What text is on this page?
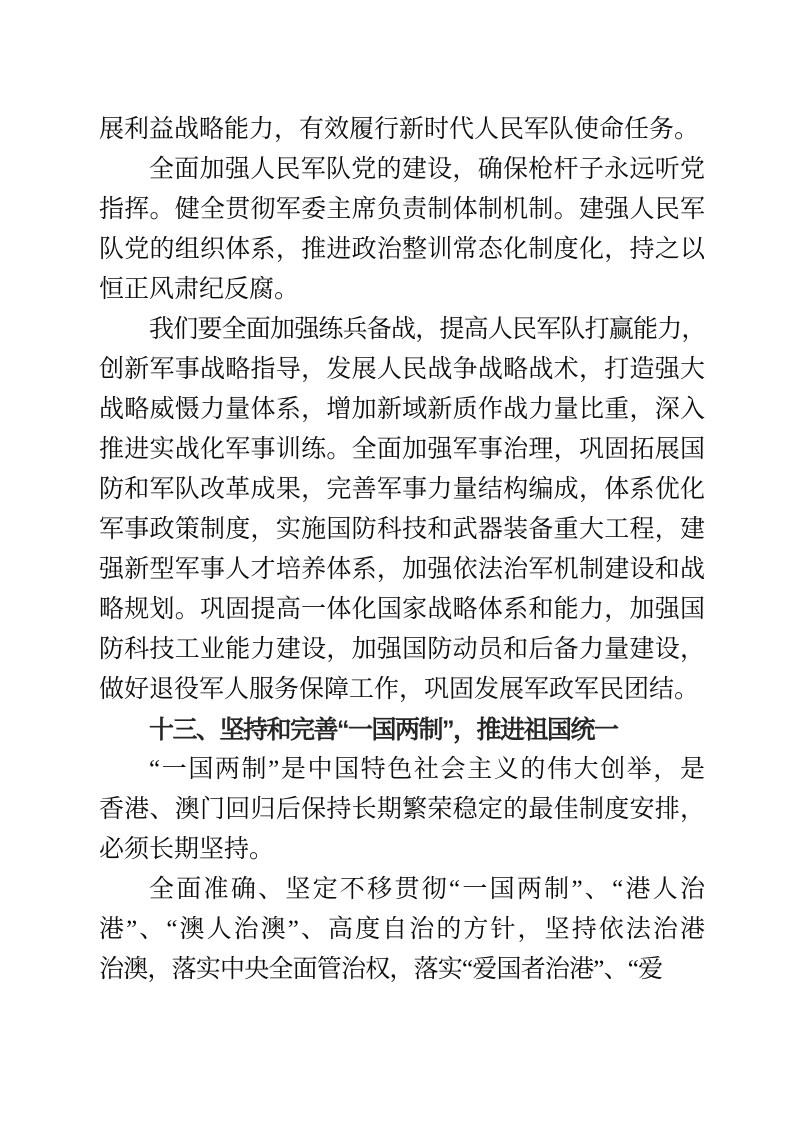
展利益战略能力，有效履行新时代人民军队使命任务。
全面加强人民军队党的建设，确保枪杆子永远听党
指挥。健全贯彻军委主席负责制体制机制。建强人民军
队党的组织体系，推进政治整训常态化制度化，持之以
恒正风肃纪反腐。
我们要全面加强练兵备战，提高人民军队打赢能力，
创新军事战略指导，发展人民战争战略战术，打造强大
战略威慑力量体系，增加新域新质作战力量比重，深入
推进实战化军事训练。全面加强军事治理，巩固拓展国
防和军队改革成果，完善军事力量结构编成，体系优化
军事政策制度，实施国防科技和武器装备重大工程，建
强新型军事人才培养体系，加强依法治军机制建设和战
略规划。巩固提高一体化国家战略体系和能力，加强国
防科技工业能力建设，加强国防动员和后备力量建设，
做好退役军人服务保障工作，巩固发展军政军民团结。
十三、坚持和完善“一国两制”，推进祖国统一
“一国两制”是中国特色社会主义的伟大创举，是
香港、澳门回归后保持长期繁荣稳定的最佳制度安排，
必须长期坚持。
全面准确、坚定不移贯彻“一国两制”、“港人治
港”、“澳人治澳”、高度自治的方针，坚持依法治港
治澳，落实中央全面管治权，落实“爱国者治港”、“爱
